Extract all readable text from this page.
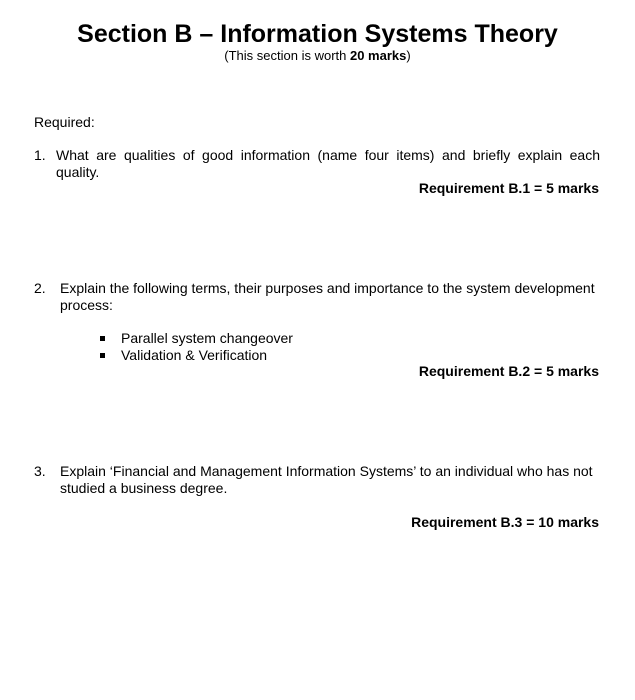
Section B – Information Systems Theory
(This section is worth 20 marks)
Required:
1. What are qualities of good information (name four items) and briefly explain each quality.
Requirement B.1 = 5 marks
2. Explain the following terms, their purposes and importance to the system development process:
Parallel system changeover
Validation & Verification
Requirement B.2 = 5 marks
3. Explain ‘Financial and Management Information Systems’ to an individual who has not studied a business degree.
Requirement B.3 = 10 marks
